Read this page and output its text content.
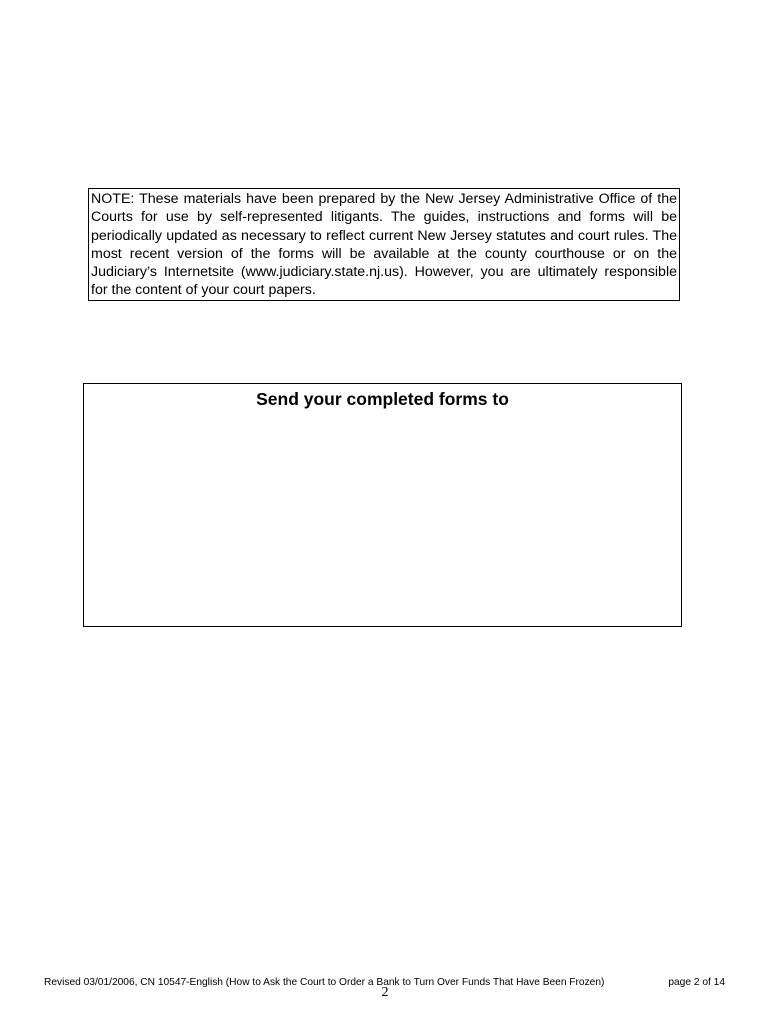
NOTE: These materials have been prepared by the New Jersey Administrative Office of the Courts for use by self-represented litigants. The guides, instructions and forms will be periodically updated as necessary to reflect current New Jersey statutes and court rules. The most recent version of the forms will be available at the county courthouse or on the Judiciary’s Internetsite (www.judiciary.state.nj.us). However, you are ultimately responsible for the content of your court papers.
Send your completed forms to
Revised 03/01/2006, CN 10547-English (How to Ask the Court to Order a Bank to Turn Over Funds That Have Been Frozen)	page 2 of 14
2
